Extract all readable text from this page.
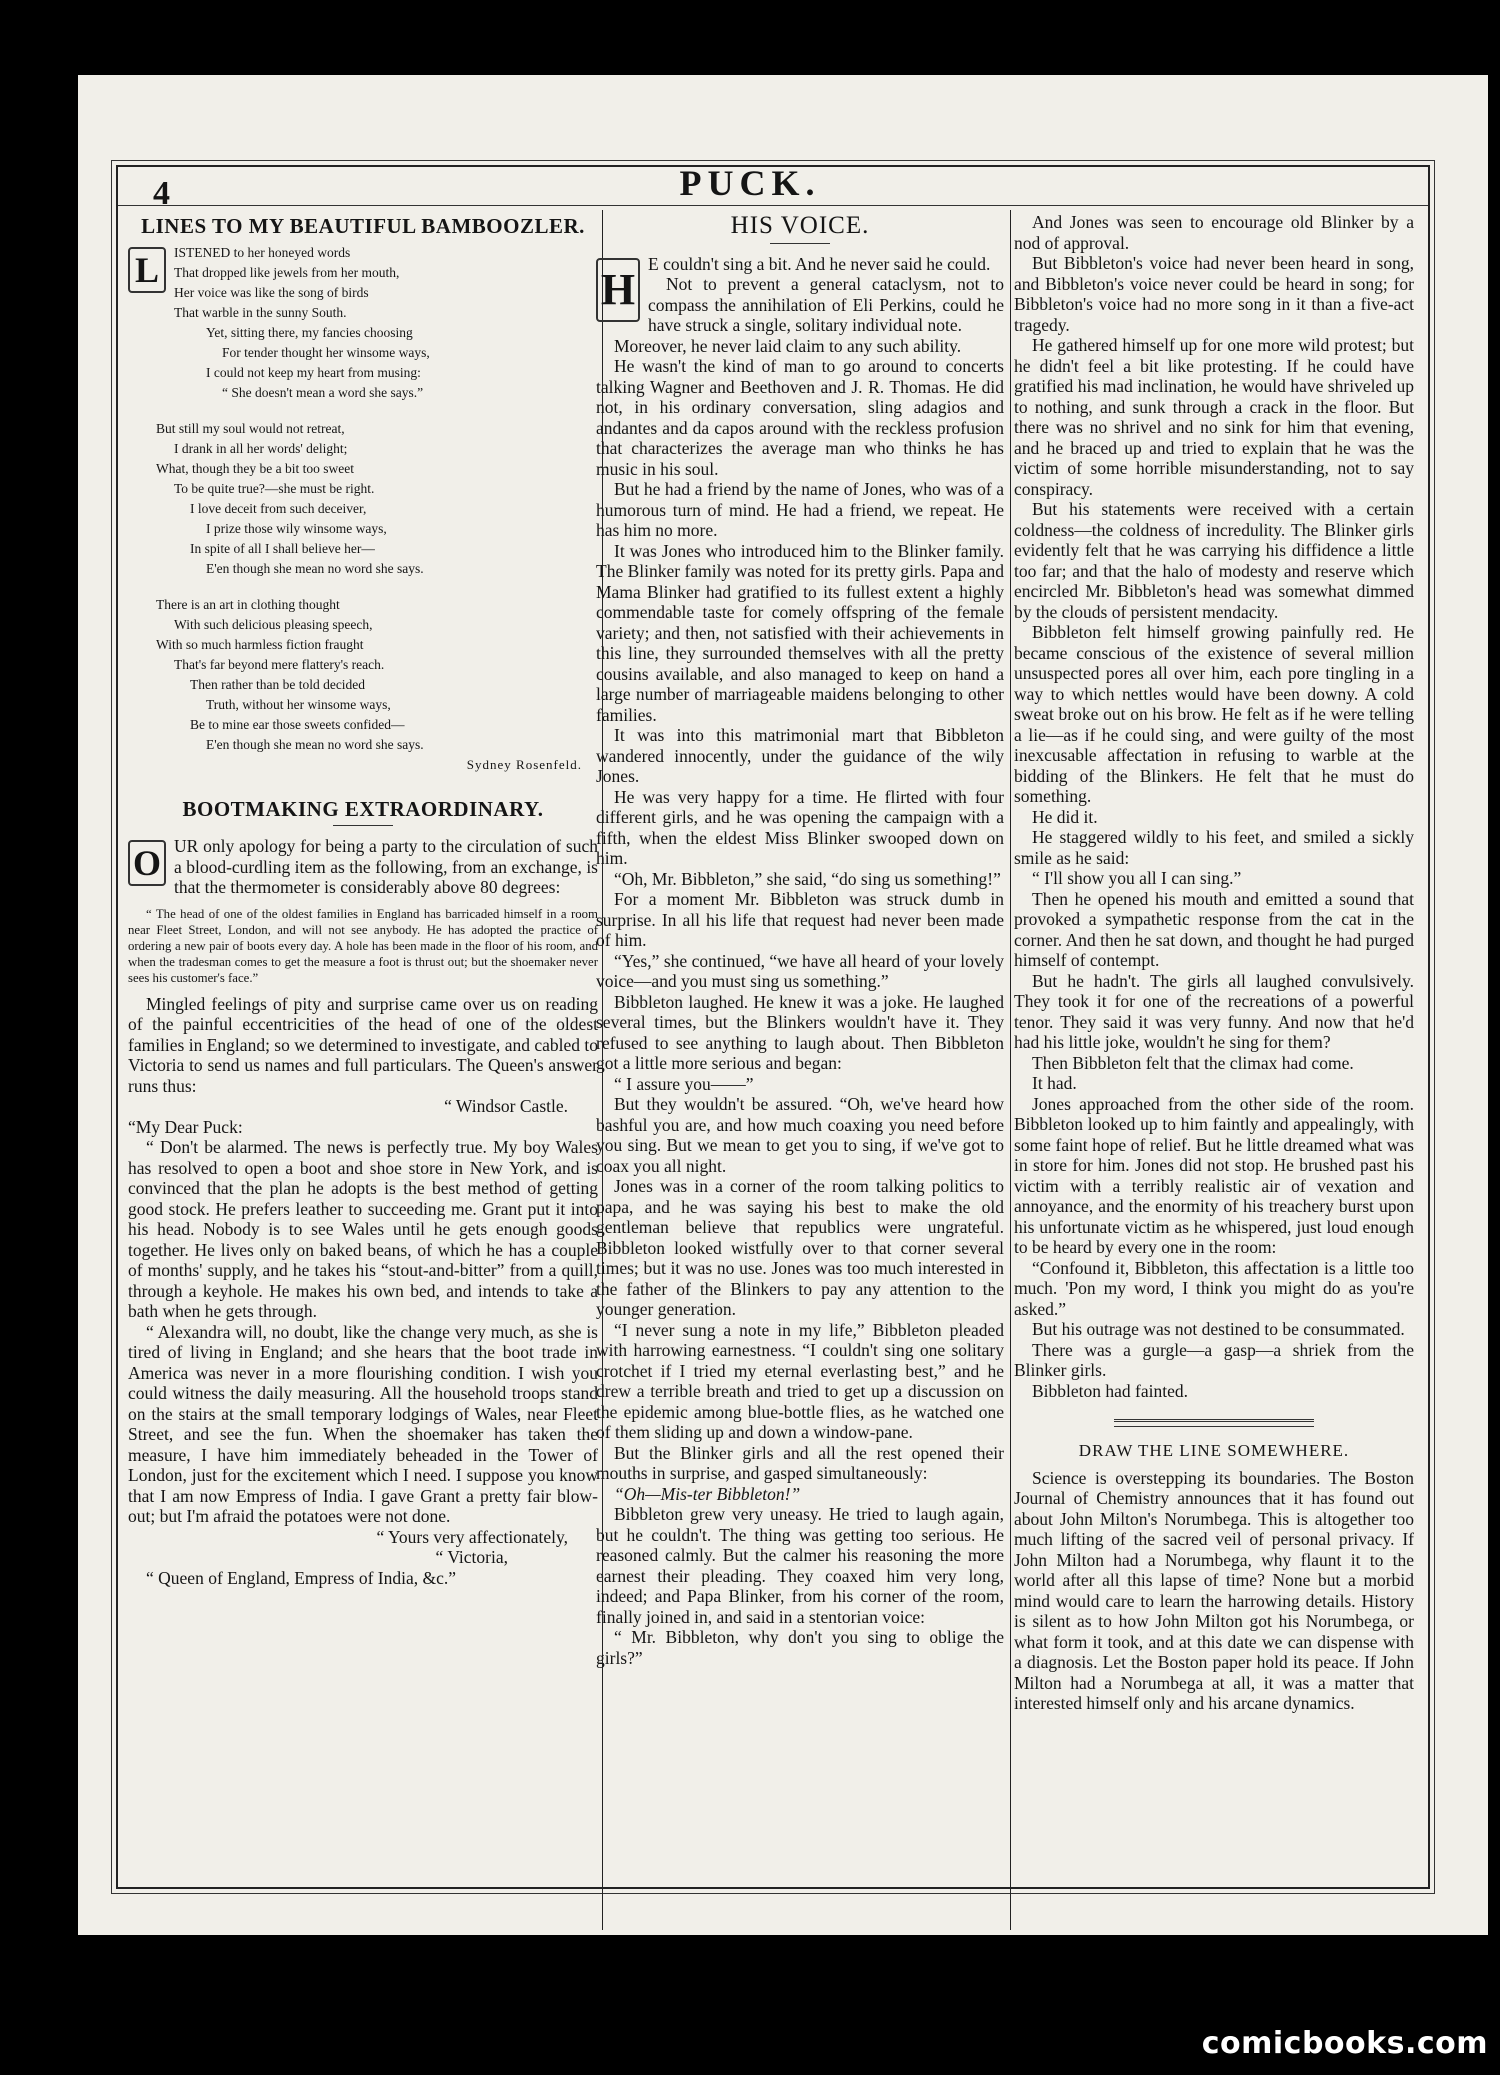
4	PUCK.
LINES TO MY BEAUTIFUL BAMBOOZLER.
L	ISTENED to her honeyed words
That dropped like jewels from her mouth,
Her voice was like the song of birds
That warble in the sunny South.
Yet, sitting there, my fancies choosing
For tender thought her winsome ways,
I could not keep my heart from musing:
“ She doesn't mean a word she says.”
But still my soul would not retreat,
I drank in all her words' delight;
What, though they be a bit too sweet
To be quite true?—she must be right.
I love deceit from such deceiver,
I prize those wily winsome ways,
In spite of all I shall believe her—
E'en though she mean no word she says.
There is an art in clothing thought
With such delicious pleasing speech,
With so much harmless fiction fraught
That's far beyond mere flattery's reach.
Then rather than be told decided
Truth, without her winsome ways,
Be to mine ear those sweets confided—
E'en though she mean no word she says.
Sydney Rosenfeld.
BOOTMAKING EXTRAORDINARY.
O UR only apology for being a party to the circulation of such a blood-curdling item as the following, from an exchange, is that the thermometer is considerably above 80 degrees:

“ The head of one of the oldest families in England has barricaded himself in a room near Fleet Street, London, and will not see anybody. He has adopted the practice of ordering a new pair of boots every day. A hole has been made in the floor of his room, and when the tradesman comes to get the measure a foot is thrust out; but the shoemaker never sees his customer's face.”

Mingled feelings of pity and surprise came over us on reading of the painful eccentricities of the head of one of the oldest families in England; so we determined to investigate, and cabled to Victoria to send us names and full particulars. The Queen's answer runs thus:

“ Windsor Castle.

“My Dear Puck:

“ Don't be alarmed. The news is perfectly true. My boy Wales has resolved to open a boot and shoe store in New York, and is convinced that the plan he adopts is the best method of getting good stock. He prefers leather to succeeding me. Grant put it into his head. Nobody is to see Wales until he gets enough goods together. He lives only on baked beans, of which he has a couple of months' supply, and he takes his “stout-and-bitter” from a quill, through a keyhole. He makes his own bed, and intends to take a bath when he gets through.

“ Alexandra will, no doubt, like the change very much, as she is tired of living in England; and she hears that the boot trade in America was never in a more flourishing condition. I wish you could witness the daily measuring. All the household troops stand on the stairs at the small temporary lodgings of Wales, near Fleet Street, and see the fun. When the shoemaker has taken the measure, I have him immediately beheaded in the Tower of London, just for the excitement which I need. I suppose you know that I am now Empress of India. I gave Grant a pretty fair blow-out; but I'm afraid the potatoes were not done.

“ Yours very affectionately,

“ Victoria,

“ Queen of England, Empress of India, &c.”

HIS VOICE.
H

E couldn't sing a bit. And he never said he could.

Not to prevent a general cataclysm, not to compass the annihilation of Eli Perkins, could he have struck a single, solitary individual note.

Moreover, he never laid claim to any such ability.

He wasn't the kind of man to go around to concerts talking Wagner and Beethoven and J. R. Thomas. He did not, in his ordinary conversation, sling adagios and andantes and da capos around with the reckless profusion that characterizes the average man who thinks he has music in his soul.

But he had a friend by the name of Jones, who was of a humorous turn of mind. He had a friend, we repeat. He has him no more.

It was Jones who introduced him to the Blinker family. The Blinker family was noted for its pretty girls. Papa and Mama Blinker had gratified to its fullest extent a highly commendable taste for comely offspring of the female variety; and then, not satisfied with their achievements in this line, they surrounded themselves with all the pretty cousins available, and also managed to keep on hand a large number of marriageable maidens belonging to other families.

It was into this matrimonial mart that Bibbleton wandered innocently, under the guidance of the wily Jones.

He was very happy for a time. He flirted with four different girls, and he was opening the campaign with a fifth, when the eldest Miss Blinker swooped down on him.

“Oh, Mr. Bibbleton,” she said, “do sing us something!”

For a moment Mr. Bibbleton was struck dumb in surprise. In all his life that request had never been made of him.

“Yes,” she continued, “we have all heard of your lovely voice—and you must sing us something.”

Bibbleton laughed. He knew it was a joke. He laughed several times, but the Blinkers wouldn't have it. They refused to see anything to laugh about. Then Bibbleton got a little more serious and began:

“ I assure you——”

But they wouldn't be assured. “Oh, we've heard how bashful you are, and how much coaxing you need before you sing. But we mean to get you to sing, if we've got to coax you all night.

Jones was in a corner of the room talking politics to papa, and he was saying his best to make the old gentleman believe that republics were ungrateful. Bibbleton looked wistfully over to that corner several times; but it was no use. Jones was too much interested in the father of the Blinkers to pay any attention to the younger generation.

“I never sung a note in my life,” Bibbleton pleaded with harrowing earnestness. “I couldn't sing one solitary crotchet if I tried my eternal everlasting best,” and he drew a terrible breath and tried to get up a discussion on the epidemic among blue-bottle flies, as he watched one of them sliding up and down a window-pane.

But the Blinker girls and all the rest opened their mouths in surprise, and gasped simultaneously:

“Oh—Mis-ter Bibbleton!”

Bibbleton grew very uneasy. He tried to laugh again, but he couldn't. The thing was getting too serious. He reasoned calmly. But the calmer his reasoning the more earnest their pleading. They coaxed him very long, indeed; and Papa Blinker, from his corner of the room, finally joined in, and said in a stentorian voice:

“ Mr. Bibbleton, why don't you sing to oblige the girls?”

And Jones was seen to encourage old Blinker by a nod of approval.

But Bibbleton's voice had never been heard in song, and Bibbleton's voice never could be heard in song; for Bibbleton's voice had no more song in it than a five-act tragedy.

He gathered himself up for one more wild protest; but he didn't feel a bit like protesting. If he could have gratified his mad inclination, he would have shriveled up to nothing, and sunk through a crack in the floor. But there was no shrivel and no sink for him that evening, and he braced up and tried to explain that he was the victim of some horrible misunderstanding, not to say conspiracy.

But his statements were received with a certain coldness—the coldness of incredulity. The Blinker girls evidently felt that he was carrying his diffidence a little too far; and that the halo of modesty and reserve which encircled Mr. Bibbleton's head was somewhat dimmed by the clouds of persistent mendacity.

Bibbleton felt himself growing painfully red. He became conscious of the existence of several million unsuspected pores all over him, each pore tingling in a way to which nettles would have been downy. A cold sweat broke out on his brow. He felt as if he were telling a lie—as if he could sing, and were guilty of the most inexcusable affectation in refusing to warble at the bidding of the Blinkers. He felt that he must do something.

He did it.

He staggered wildly to his feet, and smiled a sickly smile as he said:

“ I'll show you all I can sing.”

Then he opened his mouth and emitted a sound that provoked a sympathetic response from the cat in the corner. And then he sat down, and thought he had purged himself of contempt.

But he hadn't. The girls all laughed convulsively. They took it for one of the recreations of a powerful tenor. They said it was very funny. And now that he'd had his little joke, wouldn't he sing for them?

Then Bibbleton felt that the climax had come.

It had.

Jones approached from the other side of the room. Bibbleton looked up to him faintly and appealingly, with some faint hope of relief. But he little dreamed what was in store for him. Jones did not stop. He brushed past his victim with a terribly realistic air of vexation and annoyance, and the enormity of his treachery burst upon his unfortunate victim as he whispered, just loud enough to be heard by every one in the room:

“Confound it, Bibbleton, this affectation is a little too much. 'Pon my word, I think you might do as you're asked.”

But his outrage was not destined to be consummated.

There was a gurgle—a gasp—a shriek from the Blinker girls.

Bibbleton had fainted.

DRAW THE LINE SOMEWHERE.

Science is overstepping its boundaries. The Boston Journal of Chemistry announces that it has found out about John Milton's Norumbega. This is altogether too much lifting of the sacred veil of personal privacy. If John Milton had a Norumbega, why flaunt it to the world after all this lapse of time? None but a morbid mind would care to learn the harrowing details. History is silent as to how John Milton got his Norumbega, or what form it took, and at this date we can dispense with a diagnosis. Let the Boston paper hold its peace. If John Milton had a Norumbega at all, it was a matter that interested himself only and his arcane dynamics.

comicbooks.com
